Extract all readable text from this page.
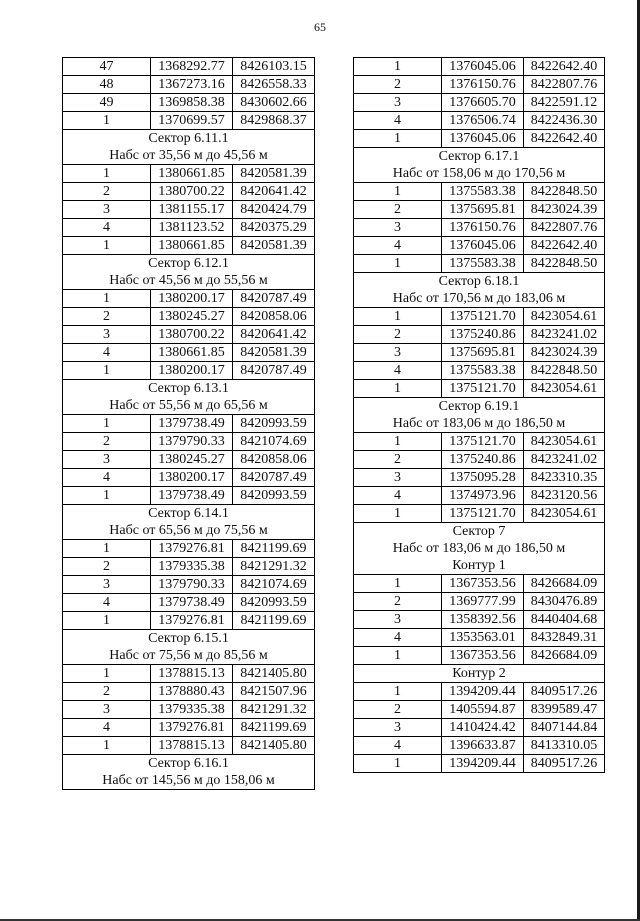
65
47	1368292.77	8426103.15
48	1367273.16	8426558.33
49	1369858.38	8430602.66
1	1370699.57	8429868.37
Сектор 6.11.1		
Набс от 35,56 м до 45,56 м		
1	1380661.85	8420581.39
2	1380700.22	8420641.42
3	1381155.17	8420424.79
4	1381123.52	8420375.29
1	1380661.85	8420581.39
Сектор 6.12.1		
Набс от 45,56 м до 55,56 м		
1	1380200.17	8420787.49
2	1380245.27	8420858.06
3	1380700.22	8420641.42
4	1380661.85	8420581.39
1	1380200.17	8420787.49
Сектор 6.13.1		
Набс от 55,56 м до 65,56 м		
1	1379738.49	8420993.59
2	1379790.33	8421074.69
3	1380245.27	8420858.06
4	1380200.17	8420787.49
1	1379738.49	8420993.59
Сектор 6.14.1		
Набс от 65,56 м до 75,56 м		
1	1379276.81	8421199.69
2	1379335.38	8421291.32
3	1379790.33	8421074.69
4	1379738.49	8420993.59
1	1379276.81	8421199.69
Сектор 6.15.1		
Набс от 75,56 м до 85,56 м		
1	1378815.13	8421405.80
2	1378880.43	8421507.96
3	1379335.38	8421291.32
4	1379276.81	8421199.69
1	1378815.13	8421405.80
Сектор 6.16.1		
Набс от 145,56 м до 158,06 м		
1	1376045.06	8422642.40
2	1376150.76	8422807.76
3	1376605.70	8422591.12
4	1376506.74	8422436.30
1	1376045.06	8422642.40
Сектор 6.17.1		
Набс от 158,06 м до 170,56 м		
1	1375583.38	8422848.50
2	1375695.81	8423024.39
3	1376150.76	8422807.76
4	1376045.06	8422642.40
1	1375583.38	8422848.50
Сектор 6.18.1		
Набс от 170,56 м до 183,06 м		
1	1375121.70	8423054.61
2	1375240.86	8423241.02
3	1375695.81	8423024.39
4	1375583.38	8422848.50
1	1375121.70	8423054.61
Сектор 6.19.1		
Набс от 183,06 м до 186,50 м		
1	1375121.70	8423054.61
2	1375240.86	8423241.02
3	1375095.28	8423310.35
4	1374973.96	8423120.56
1	1375121.70	8423054.61
Сектор 7		
Набс от 183,06 м до 186,50 м		
Контур 1		
1	1367353.56	8426684.09
2	1369777.99	8430476.89
3	1358392.56	8440404.68
4	1353563.01	8432849.31
1	1367353.56	8426684.09
Контур 2		
1	1394209.44	8409517.26
2	1405594.87	8399589.47
3	1410424.42	8407144.84
4	1396633.87	8413310.05
1	1394209.44	8409517.26
